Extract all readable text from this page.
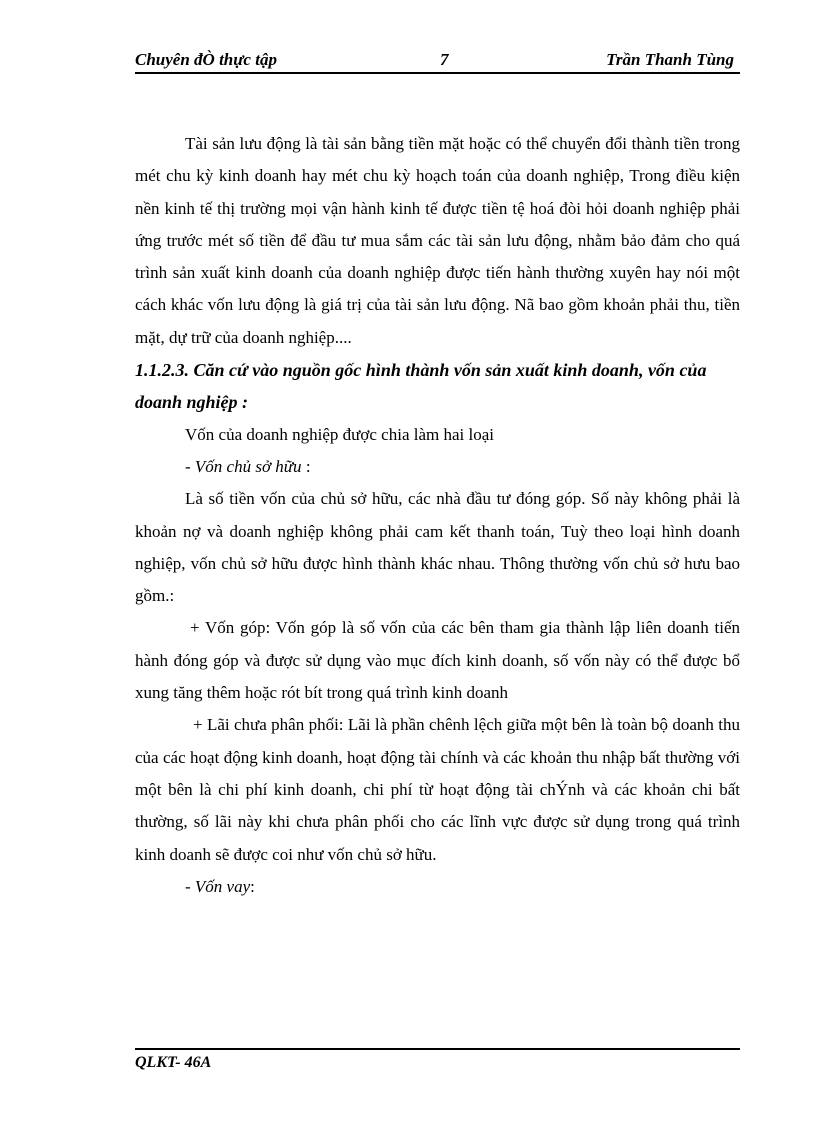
Chuyên đÒ thực tập	7	Trần Thanh Tùng

Tài sản lưu động là tài sản bằng tiền mặt hoặc có thể chuyển đổi thành tiền trong mét chu kỳ kinh doanh hay mét chu kỳ hoạch toán của doanh nghiệp, Trong điều kiện nền kinh tế thị trường mọi vận hành kinh tế được tiền tệ hoá đòi hỏi doanh nghiệp phải ứng trước mét số tiền để đầu tư mua sắm các tài sản lưu động, nhằm bảo đảm cho quá trình sản xuất kinh doanh của doanh nghiệp được tiến hành thường xuyên hay nói một cách khác vốn lưu động là giá trị của tài sản lưu động. Nã bao gồm khoản phải thu, tiền mặt, dự trữ của doanh nghiệp....

1.1.2.3. Căn cứ vào nguồn gốc hình thành vốn sản xuất kinh doanh, vốn của doanh nghiệp :

Vốn của doanh nghiệp được chia làm hai loại

- Vốn chủ sở hữu :

Là số tiền vốn của chủ sở hữu, các nhà đầu tư đóng góp. Số này không phải là khoản nợ và doanh nghiệp không phải cam kết thanh toán, Tuỳ theo loại hình doanh nghiệp, vốn chủ sở hữu được hình thành khác nhau. Thông thường vốn chủ sở hưu bao gồm.:

+ Vốn góp: Vốn góp là số vốn của các bên tham gia thành lập liên doanh tiến hành đóng góp và được sử dụng vào mục đích kinh doanh, số vốn này có thể được bổ xung tăng thêm hoặc rót bít trong quá trình kinh doanh

+ Lãi chưa phân phối: Lãi là phần chênh lệch giữa một bên là toàn bộ doanh thu của các hoạt động kinh doanh, hoạt động tài chính và các khoản thu nhập bất thường với một bên là chi phí kinh doanh, chi phí từ hoạt động tài chÝnh và các khoản chi bất thường, số lãi này khi chưa phân phối cho các lĩnh vực được sử dụng trong quá trình kinh doanh sẽ được coi như vốn chủ sở hữu.

- Vốn vay:

QLKT- 46A
